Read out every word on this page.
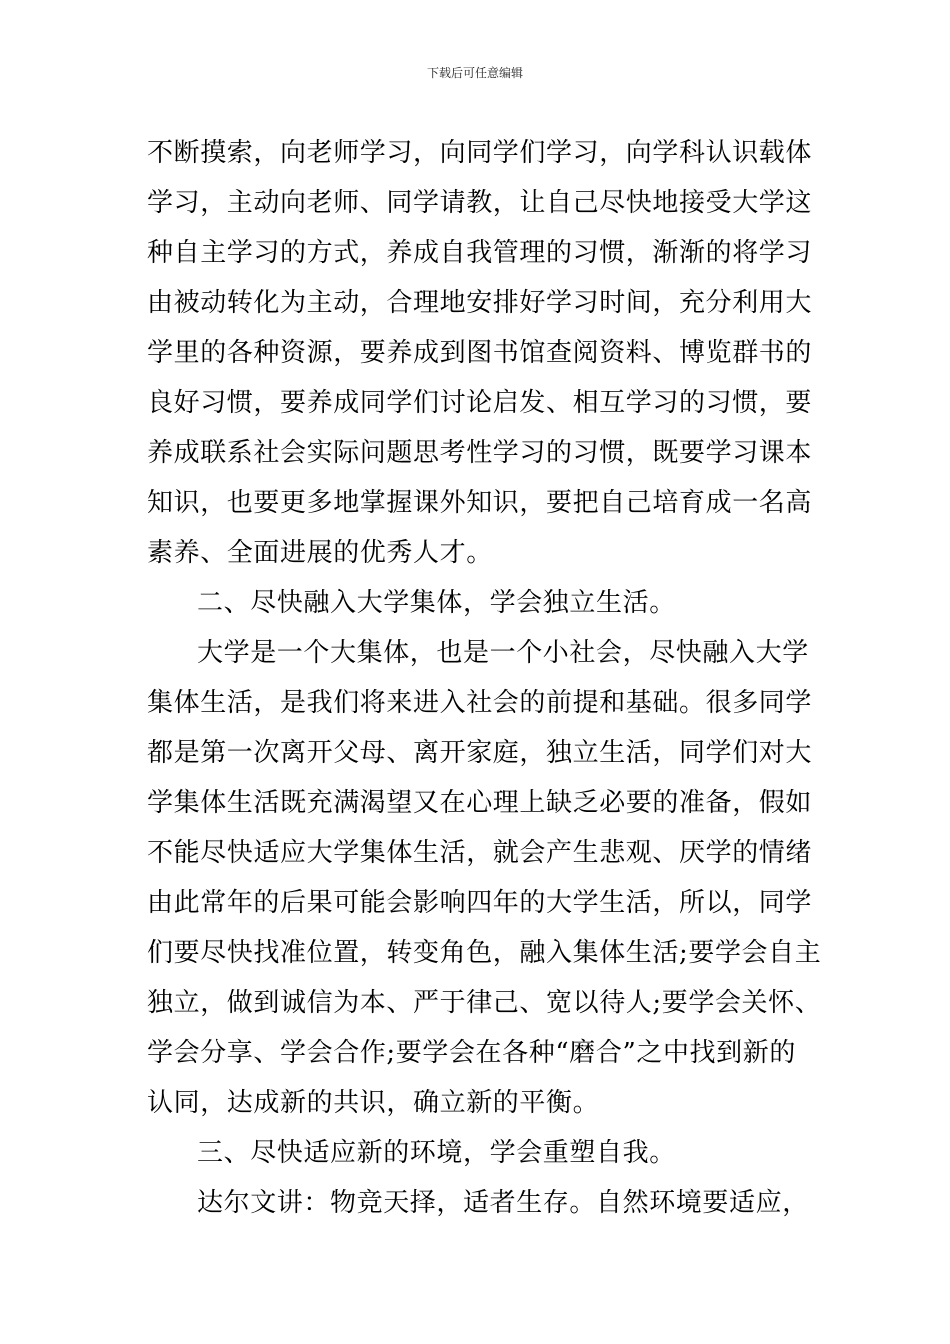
下载后可任意编辑
不断摸索，向老师学习，向同学们学习，向学科认识载体
学习，主动向老师、同学请教，让自己尽快地接受大学这
种自主学习的方式，养成自我管理的习惯，渐渐的将学习
由被动转化为主动，合理地安排好学习时间，充分利用大
学里的各种资源，要养成到图书馆查阅资料、博览群书的
良好习惯，要养成同学们讨论启发、相互学习的习惯，要
养成联系社会实际问题思考性学习的习惯，既要学习课本
知识，也要更多地掌握课外知识，要把自己培育成一名高
素养、全面进展的优秀人才。
二、尽快融入大学集体，学会独立生活。
大学是一个大集体，也是一个小社会，尽快融入大学
集体生活，是我们将来进入社会的前提和基础。很多同学
都是第一次离开父母、离开家庭，独立生活，同学们对大
学集体生活既充满渴望又在心理上缺乏必要的准备，假如
不能尽快适应大学集体生活，就会产生悲观、厌学的情绪
由此常年的后果可能会影响四年的大学生活，所以，同学
们要尽快找准位置，转变角色，融入集体生活;要学会自主
独立，做到诚信为本、严于律己、宽以待人;要学会关怀、
学会分享、学会合作;要学会在各种“磨合”之中找到新的
认同，达成新的共识，确立新的平衡。
三、尽快适应新的环境，学会重塑自我。
达尔文讲：物竞天择，适者生存。自然环境要适应，
